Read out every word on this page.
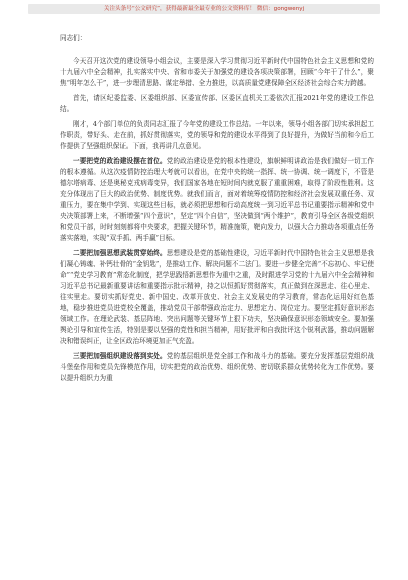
关注头条号“公文研究”，获得最新最全最专业的公文资料库！ 微信：gongwenyj
同志们：

今天召开这次党的建设领导小组会议，主要是深入学习贯彻习近平新时代中国特色社会主义思想和党的十九届六中全会精神，扎实落实中央、省和市委关于加强党的建设各项决策部署，回顾“今年干了什么”，聚焦“明年怎么干”，进一步理清思路、谋定举措、全力推进，以高质量党建保障全区经济社会综合实力跨越。

首先，请区纪委监委、区委组织部、区委宣传部、区委区直机关工委依次汇报2021年党的建设工作总结。

刚才，4个部门单位的负责同志汇报了今年党的建设工作总结。一年以来，领导小组各部门切实承担起工作职责，带好头、走在前，抓好贯彻落实，党的领导和党的建设水平得到了良好提升，为做好当前和今后工作提供了坚强组织保证。下面，我再讲几点意见。

一要把党的政治建设摆在首位。党的政治建设是党的根本性建设，旗帜鲜明讲政治是我们做好一切工作的根本遵循。从这次疫情防控治理大考就可以看出，在党中央的统一指挥、统一协调、统一调度下，不管是德尔塔病毒、还是奥秘克戎病毒变异，我们国家各地在短时间内就克服了重重困难，取得了阶段性胜利。这充分体现出了巨大的政治优势、制度优势。就我们而言，面对着统筹疫情防控和经济社会发展双重任务、双重压力，要在集中学到、实现这些目标，就必须把思想和行动高度统一到习近平总书记重要指示精神和党中央决策部署上来，不断增强“四个意识”，坚定“四个自信”，坚决做到“两个维护”，教育引导全区各级党组织和党员干部，时时刻刻都将中央要求，把握关键环节，精准施策，靶向发力，以强大合力推动各项重点任务落实落地，实现“双手抓、两手赢”目标。

二要把加强思想武装贯穿始终。思想建设是党的基础性建设，习近平新时代中国特色社会主义思想是我们凝心铸魂、补钙壮骨的“金钥匙”，是推动工作、解决问题不二法门。要进一步健全完善“不忘初心、牢记使命”“党史学习教育”常态化制度，把学思践悟新思想作为重中之重，及时跟进学习党的十九届六中全会精神和习近平总书记最新重要讲话和重要指示批示精神，持之以恒抓好贯彻落实，真正做到在深思走、往心里走、往实里走。要切实抓好党史、新中国史、改革开放史、社会主义发展史的学习教育，常态化运用好红色基地，稳步推进党员进党校全覆盖，推动党员干部带强政治定力、思想定力、岗位定力。要坚定抓好意识形态领域工作。在理论武装、基层阵地、突出问题等关键环节上狠下功夫，坚决确保意识形态领域安全。要加强舆论引导和宣传生活，特别是要以坚强的党性和担当精神，用好批评和自我批评这个锐利武器，推动问题解决和错误纠正，让全区政治环境更加正气充盈。

三要把加强组织建设落到实处。党的基层组织是党全部工作和战斗力的基础。要充分发挥基层党组织战斗堡垒作用和党员先锋模范作用，切实把党的政治优势、组织优势、密切联系群众优势转化为工作优势。要以提升组织力为重
